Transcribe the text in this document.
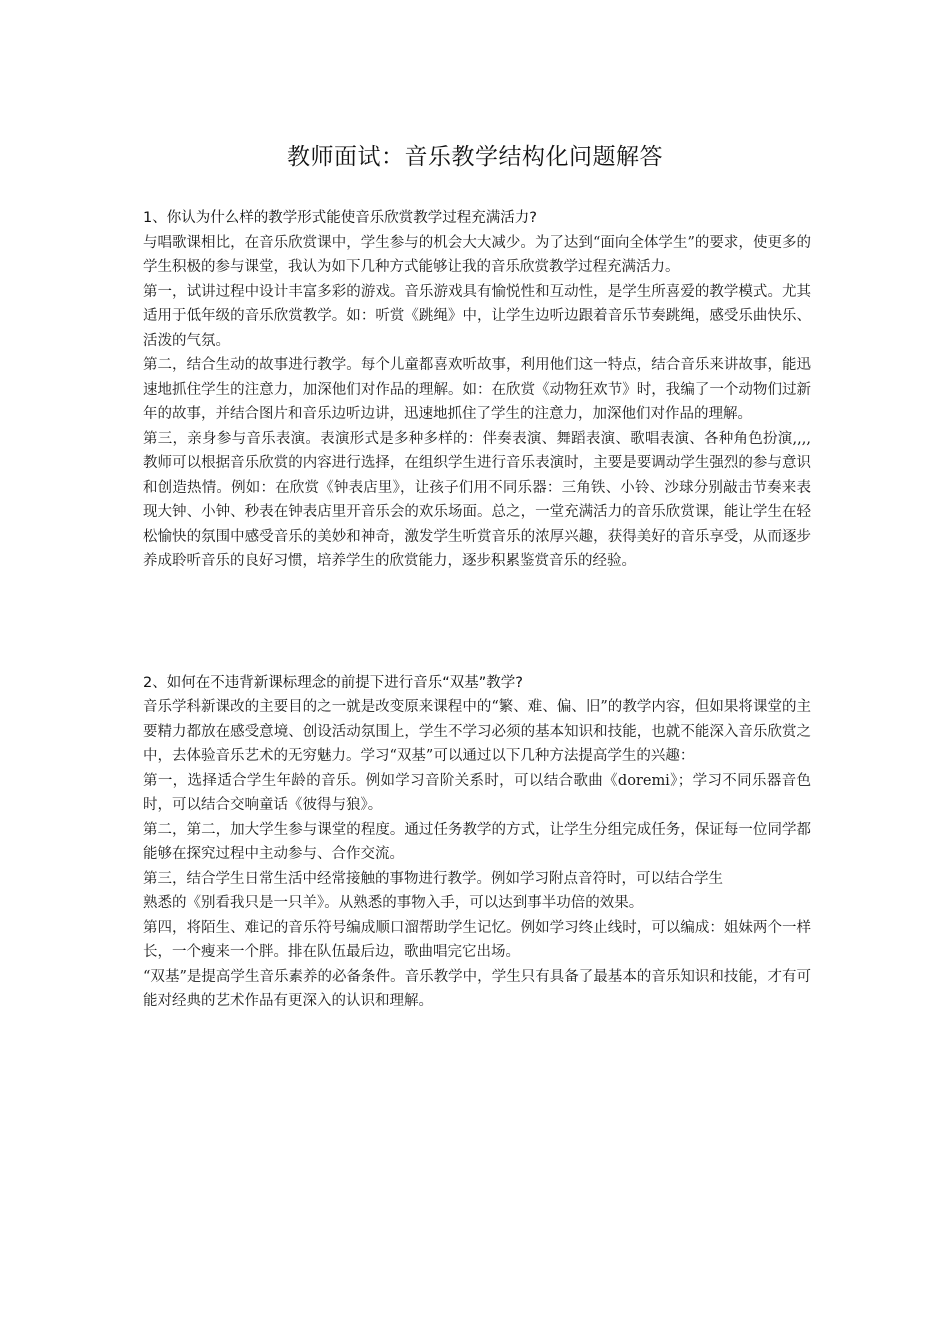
教师面试：音乐教学结构化问题解答

1、你认为什么样的教学形式能使音乐欣赏教学过程充满活力?

与唱歌课相比，在音乐欣赏课中，学生参与的机会大大减少。为了达到“面向全体学生”的要求，使更多的学生积极的参与课堂，我认为如下几种方式能够让我的音乐欣赏教学过程充满活力。

第一，试讲过程中设计丰富多彩的游戏。音乐游戏具有愉悦性和互动性，是学生所喜爱的教学模式。尤其适用于低年级的音乐欣赏教学。如：听赏《跳绳》中，让学生边听边跟着音乐节奏跳绳，感受乐曲快乐、活泼的气氛。

第二，结合生动的故事进行教学。每个儿童都喜欢听故事，利用他们这一特点，结合音乐来讲故事，能迅速地抓住学生的注意力，加深他们对作品的理解。如：在欣赏《动物狂欢节》时，我编了一个动物们过新年的故事，并结合图片和音乐边听边讲，迅速地抓住了学生的注意力，加深他们对作品的理解。

第三，亲身参与音乐表演。表演形式是多种多样的：伴奏表演、舞蹈表演、歌唱表演、各种角色扮演,,,,教师可以根据音乐欣赏的内容进行选择，在组织学生进行音乐表演时，主要是要调动学生强烈的参与意识和创造热情。例如：在欣赏《钟表店里》，让孩子们用不同乐器：三角铁、小铃、沙球分别敲击节奏来表现大钟、小钟、秒表在钟表店里开音乐会的欢乐场面。总之，一堂充满活力的音乐欣赏课，能让学生在轻松愉快的氛围中感受音乐的美妙和神奇，激发学生听赏音乐的浓厚兴趣，获得美好的音乐享受，从而逐步养成聆听音乐的良好习惯，培养学生的欣赏能力，逐步积累鉴赏音乐的经验。

2、如何在不违背新课标理念的前提下进行音乐“双基”教学?

音乐学科新课改的主要目的之一就是改变原来课程中的“繁、难、偏、旧”的教学内容，但如果将课堂的主要精力都放在感受意境、创设活动氛围上，学生不学习必须的基本知识和技能，也就不能深入音乐欣赏之中，去体验音乐艺术的无穷魅力。学习“双基”可以通过以下几种方法提高学生的兴趣：

第一，选择适合学生年龄的音乐。例如学习音阶关系时，可以结合歌曲《doremi》；学习不同乐器音色时，可以结合交响童话《彼得与狼》。

第二，第二，加大学生参与课堂的程度。通过任务教学的方式，让学生分组完成任务，保证每一位同学都能够在探究过程中主动参与、合作交流。

第三，结合学生日常生活中经常接触的事物进行教学。例如学习附点音符时，可以结合学生

熟悉的《别看我只是一只羊》。从熟悉的事物入手，可以达到事半功倍的效果。

第四，将陌生、难记的音乐符号编成顺口溜帮助学生记忆。例如学习终止线时，可以编成：姐妹两个一样长，一个瘦来一个胖。排在队伍最后边，歌曲唱完它出场。

“双基”是提高学生音乐素养的必备条件。音乐教学中，学生只有具备了最基本的音乐知识和技能，才有可能对经典的艺术作品有更深入的认识和理解。
